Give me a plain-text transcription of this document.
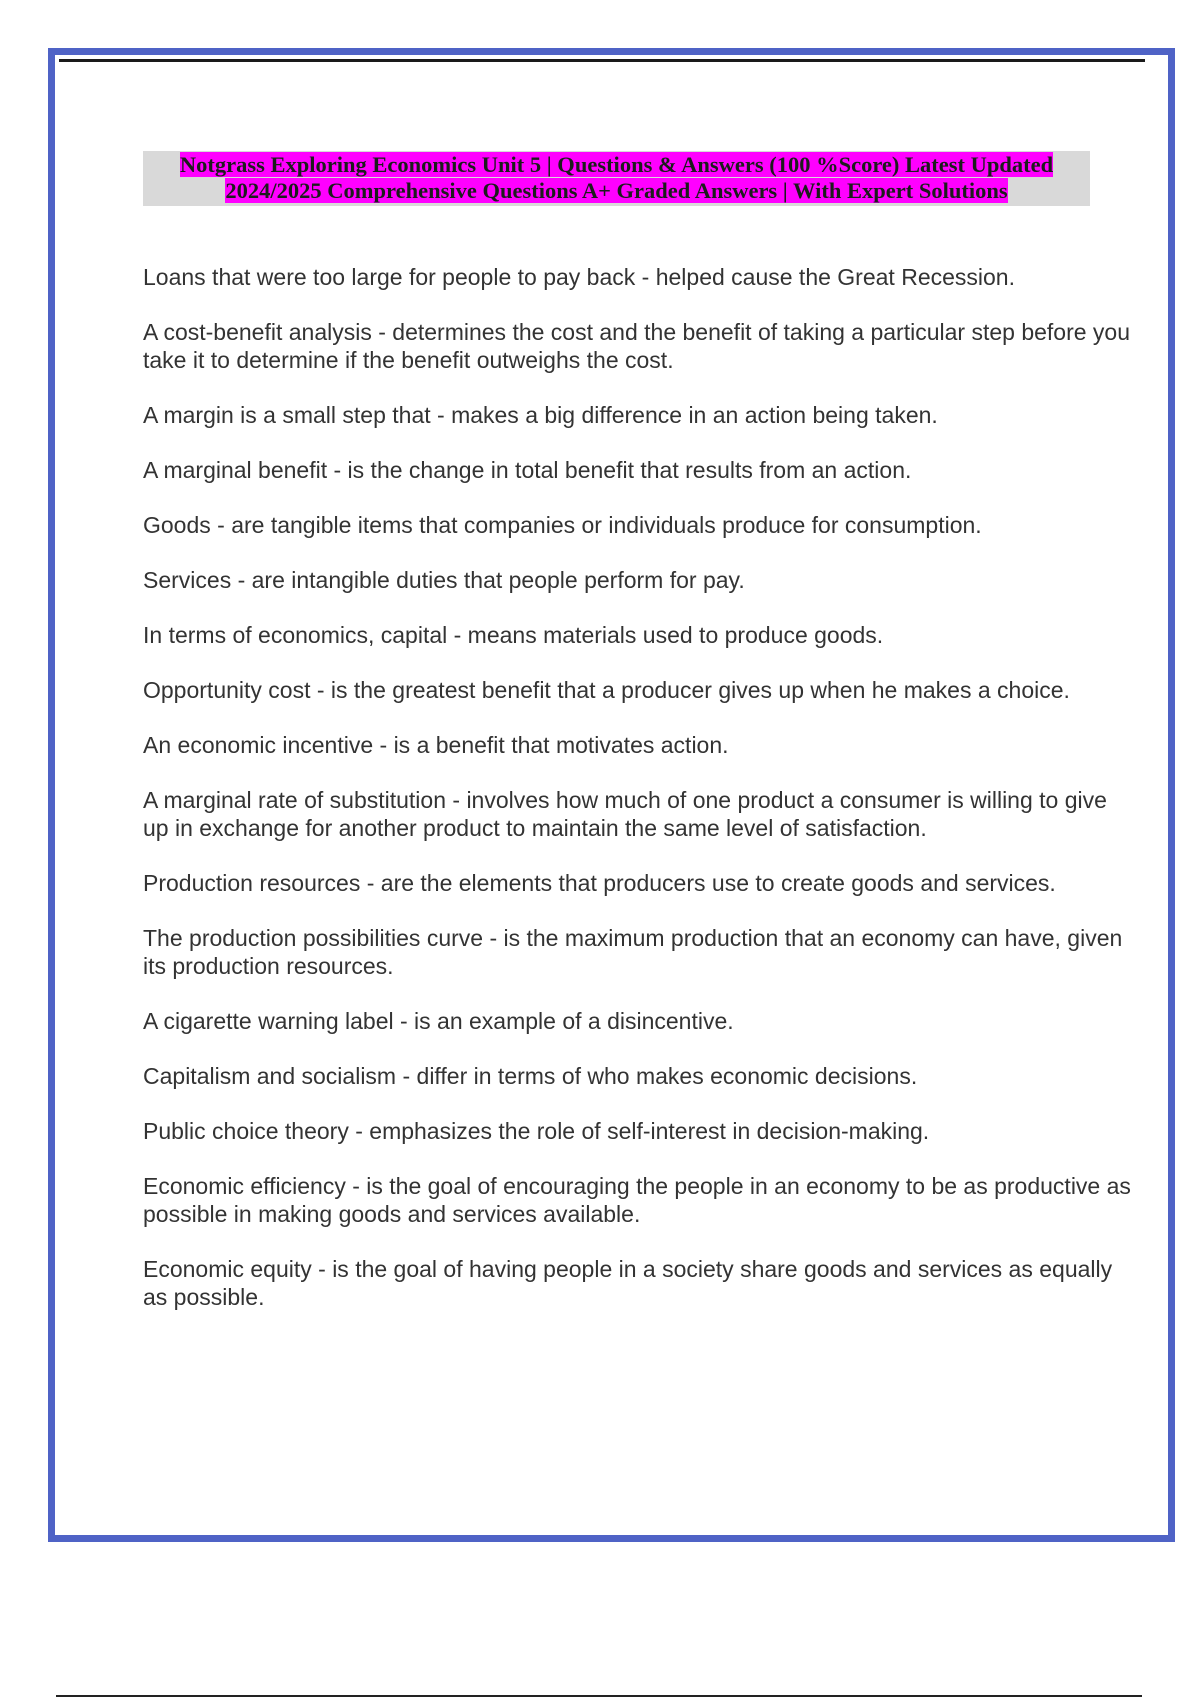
Notgrass Exploring Economics Unit 5 | Questions & Answers (100 %Score) Latest Updated
2024/2025 Comprehensive Questions A+ Graded Answers | With Expert Solutions

Loans that were too large for people to pay back - helped cause the Great Recession.

A cost-benefit analysis - determines the cost and the benefit of taking a particular step before you take it to determine if the benefit outweighs the cost.

A margin is a small step that - makes a big difference in an action being taken.

A marginal benefit - is the change in total benefit that results from an action.

Goods - are tangible items that companies or individuals produce for consumption.

Services - are intangible duties that people perform for pay.

In terms of economics, capital - means materials used to produce goods.

Opportunity cost - is the greatest benefit that a producer gives up when he makes a choice.

An economic incentive - is a benefit that motivates action.

A marginal rate of substitution - involves how much of one product a consumer is willing to give up in exchange for another product to maintain the same level of satisfaction.

Production resources - are the elements that producers use to create goods and services.

The production possibilities curve - is the maximum production that an economy can have, given its production resources.

A cigarette warning label - is an example of a disincentive.

Capitalism and socialism - differ in terms of who makes economic decisions.

Public choice theory - emphasizes the role of self-interest in decision-making.

Economic efficiency - is the goal of encouraging the people in an economy to be as productive as possible in making goods and services available.

Economic equity - is the goal of having people in a society share goods and services as equally as possible.
